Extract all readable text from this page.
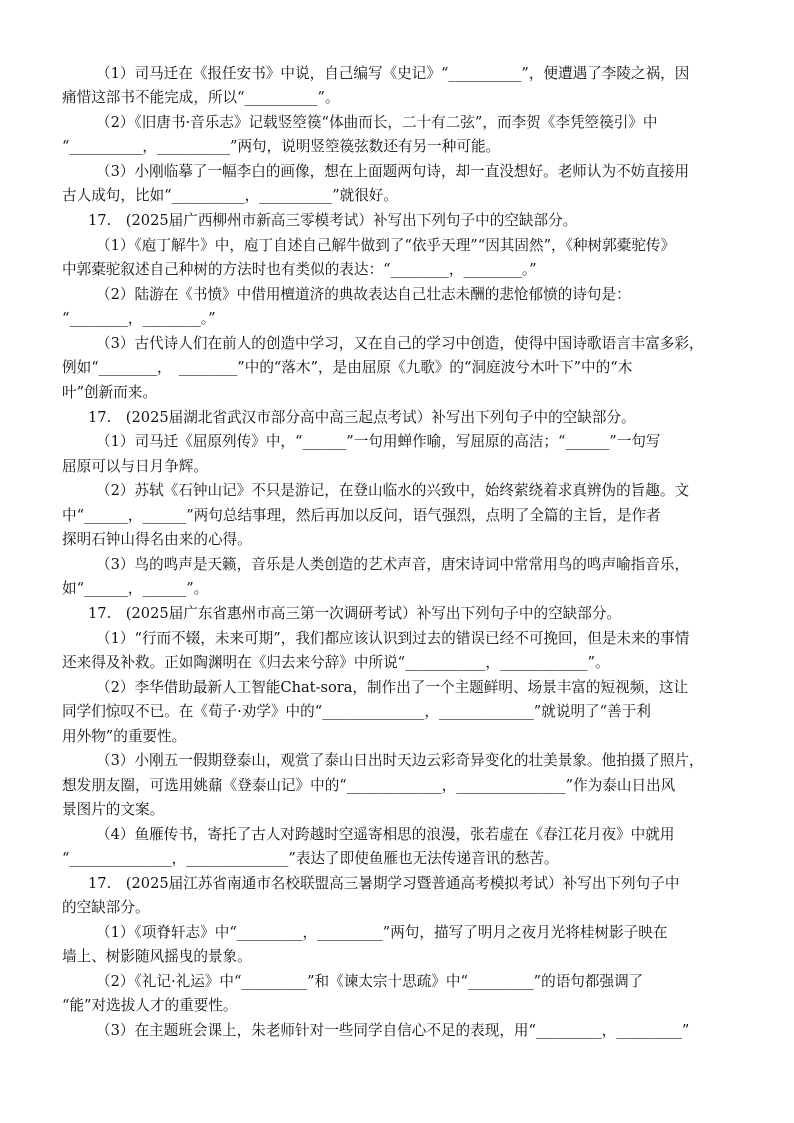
（1）司马迁在《报任安书》中说，自己编写《史记》“__________”，便遭遇了李陵之祸，因
痛惜这部书不能完成，所以“__________”。
（2）《旧唐书·音乐志》记载竖箜篌“体曲而长，二十有二弦”，而李贺《李凭箜篌引》中
“__________，__________”两句，说明竖箜篌弦数还有另一种可能。
（3）小刚临摹了一幅李白的画像，想在上面题两句诗，却一直没想好。老师认为不妨直接用
古人成句，比如“__________，__________”就很好。
17.　(2025届广西柳州市新高三零模考试）补写出下列句子中的空缺部分。
（1）《庖丁解牛》中，庖丁自述自己解牛做到了“依乎天理”“因其固然”，《种树郭橐驼传》
中郭橐驼叙述自己种树的方法时也有类似的表达：“________，________。”
（2）陆游在《书愤》中借用檀道济的典故表达自己壮志未酬的悲怆郁愤的诗句是：
“________，________。”
（3）古代诗人们在前人的创造中学习，又在自己的学习中创造，使得中国诗歌语言丰富多彩，
例如“________，　________”中的“落木”，是由屈原《九歌》的“洞庭波兮木叶下”中的“木
叶”创新而来。
17.　(2025届湖北省武汉市部分高中高三起点考试）补写出下列句子中的空缺部分。
（1）司马迁《屈原列传》中，“______”一句用蝉作喻，写屈原的高洁；“______”一句写
屈原可以与日月争辉。
（2）苏轼《石钟山记》不只是游记，在登山临水的兴致中，始终萦绕着求真辨伪的旨趣。文
中“______，______”两句总结事理，然后再加以反问，语气强烈，点明了全篇的主旨，是作者
探明石钟山得名由来的心得。
（3）鸟的鸣声是天籁，音乐是人类创造的艺术声音，唐宋诗词中常常用鸟的鸣声喻指音乐，
如“______，______”。
17.　(2025届广东省惠州市高三第一次调研考试）补写出下列句子中的空缺部分。
（1）“行而不辍，未来可期”，我们都应该认识到过去的错误已经不可挽回，但是未来的事情
还来得及补救。正如陶渊明在《归去来兮辞》中所说“___________，____________”。
（2）李华借助最新人工智能Chat-sora，制作出了一个主题鲜明、场景丰富的短视频，这让
同学们惊叹不已。在《荀子·劝学》中的“______________，_____________”就说明了“善于利
用外物”的重要性。
（3）小刚五一假期登泰山，观赏了泰山日出时天边云彩奇异变化的壮美景象。他拍摄了照片，
想发朋友圈，可选用姚鼐《登泰山记》中的“_____________，_______________”作为泰山日出风
景图片的文案。
（4）鱼雁传书，寄托了古人对跨越时空遥寄相思的浪漫，张若虚在《春江花月夜》中就用
“______________，______________”表达了即使鱼雁也无法传递音讯的愁苦。
17.　(2025届江苏省南通市名校联盟高三暑期学习暨普通高考模拟考试）补写出下列句子中
的空缺部分。
（1）《项脊轩志》中“_________，_________”两句，描写了明月之夜月光将桂树影子映在
墙上、树影随风摇曳的景象。
（2）《礼记·礼运》中“_________”和《谏太宗十思疏》中“_________”的语句都强调了
“能”对选拔人才的重要性。
（3）在主题班会课上，朱老师针对一些同学自信心不足的表现，用“_________，_________”
